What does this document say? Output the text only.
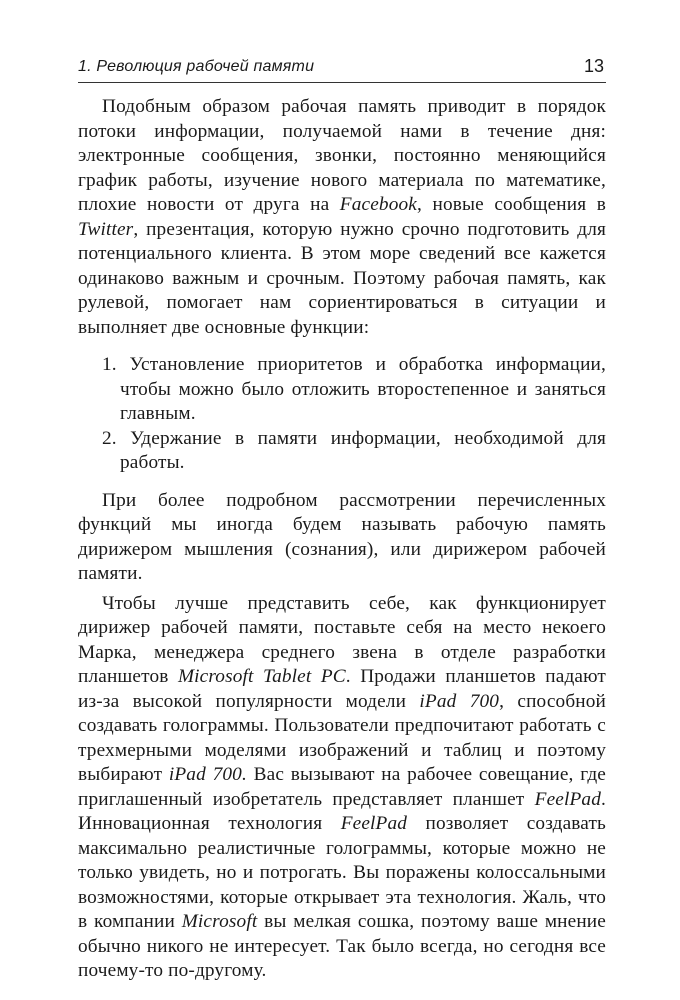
1. Революция рабочей памяти	13

Подобным образом рабочая память приводит в порядок потоки информации, получаемой нами в течение дня: электронные сообщения, звонки, постоянно меняющийся график работы, изучение нового материала по математике, плохие новости от друга на Facebook, новые сообщения в Twitter, презентация, которую нужно срочно подготовить для потенциального клиента. В этом море сведений все кажется одинаково важным и срочным. Поэтому рабочая память, как рулевой, помогает нам сориентироваться в ситуации и выполняет две основные функции:

1. Установление приоритетов и обработка информации, чтобы можно было отложить второстепенное и заняться главным.
2. Удержание в памяти информации, необходимой для работы.

При более подробном рассмотрении перечисленных функций мы иногда будем называть рабочую память дирижером мышления (сознания), или дирижером рабочей памяти.

Чтобы лучше представить себе, как функционирует дирижер рабочей памяти, поставьте себя на место некоего Марка, менеджера среднего звена в отделе разработки планшетов Microsoft Tablet PC. Продажи планшетов падают из-за высокой популярности модели iPad 700, способной создавать голограммы. Пользователи предпочитают работать с трехмерными моделями изображений и таблиц и поэтому выбирают iPad 700. Вас вызывают на рабочее совещание, где приглашенный изобретатель представляет планшет FeelPad. Инновационная технология FeelPad позволяет создавать максимально реалистичные голограммы, которые можно не только увидеть, но и потрогать. Вы поражены колоссальными возможностями, которые открывает эта технология. Жаль, что в компании Microsoft вы мелкая сошка, поэтому ваше мнение обычно никого не интересует. Так было всегда, но сегодня все почему-то по-другому.
